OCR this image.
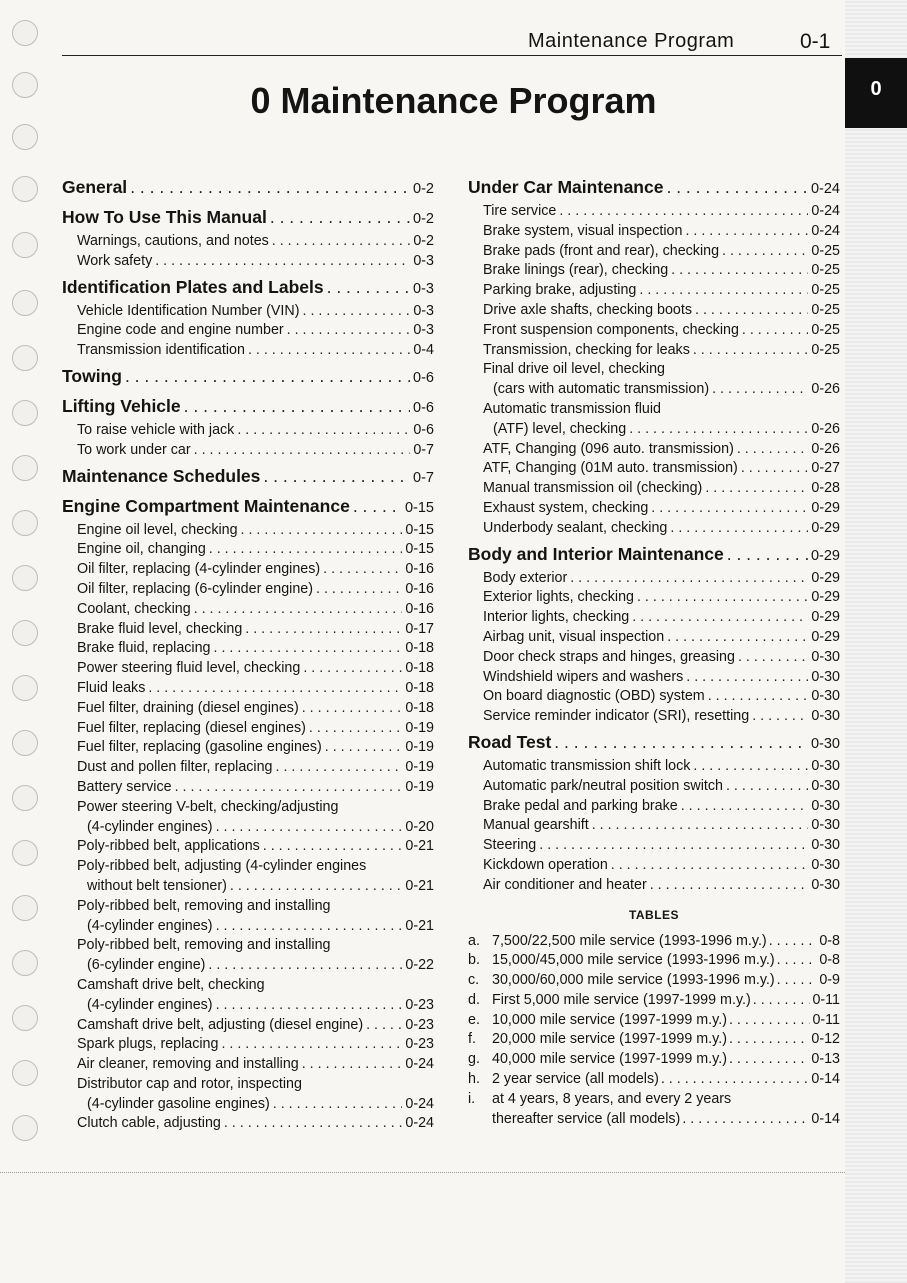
Maintenance Program	0-1
0
0 Maintenance Program
General . . .	0-2
How To Use This Manual . . .	0-2
Warnings, cautions, and notes . . .	0-2
Work safety . . .	0-3
Identification Plates and Labels . . .	0-3
Vehicle Identification Number (VIN) . . .	0-3
Engine code and engine number . . .	0-3
Transmission identification . . .	0-4
Towing . . .	0-6
Lifting Vehicle . . .	0-6
To raise vehicle with jack . . .	0-6
To work under car . . .	0-7
Maintenance Schedules . . .	0-7
Engine Compartment Maintenance . . .	0-15
Engine oil level, checking . . .	0-15
Engine oil, changing . . .	0-15
Oil filter, replacing (4-cylinder engines) . . .	0-16
Oil filter, replacing (6-cylinder engine) . . .	0-16
Coolant, checking . . .	0-16
Brake fluid level, checking . . .	0-17
Brake fluid, replacing . . .	0-18
Power steering fluid level, checking . . .	0-18
Fluid leaks . . .	0-18
Fuel filter, draining (diesel engines) . . .	0-18
Fuel filter, replacing (diesel engines) . . .	0-19
Fuel filter, replacing (gasoline engines) . . .	0-19
Dust and pollen filter, replacing . . .	0-19
Battery service . . .	0-19
Power steering V-belt, checking/adjusting
(4-cylinder engines) . . .	0-20
Poly-ribbed belt, applications . . .	0-21
Poly-ribbed belt, adjusting (4-cylinder engines
without belt tensioner) . . .	0-21
Poly-ribbed belt, removing and installing
(4-cylinder engines) . . .	0-21
Poly-ribbed belt, removing and installing
(6-cylinder engine) . . .	0-22
Camshaft drive belt, checking
(4-cylinder engines) . . .	0-23
Camshaft drive belt, adjusting (diesel engine) . . .	0-23
Spark plugs, replacing . . .	0-23
Air cleaner, removing and installing . . .	0-24
Distributor cap and rotor, inspecting
(4-cylinder gasoline engines) . . .	0-24
Clutch cable, adjusting . . .	0-24
Under Car Maintenance . . .	0-24
Tire service . . .	0-24
Brake system, visual inspection . . .	0-24
Brake pads (front and rear), checking . . .	0-25
Brake linings (rear), checking . . .	0-25
Parking brake, adjusting . . .	0-25
Drive axle shafts, checking boots . . .	0-25
Front suspension components, checking . . .	0-25
Transmission, checking for leaks . . .	0-25
Final drive oil level, checking
(cars with automatic transmission) . . .	0-26
Automatic transmission fluid
(ATF) level, checking . . .	0-26
ATF, Changing (096 auto. transmission) . . .	0-26
ATF, Changing (01M auto. transmission) . . .	0-27
Manual transmission oil (checking) . . .	0-28
Exhaust system, checking . . .	0-29
Underbody sealant, checking . . .	0-29
Body and Interior Maintenance . . .	0-29
Body exterior . . .	0-29
Exterior lights, checking . . .	0-29
Interior lights, checking . . .	0-29
Airbag unit, visual inspection . . .	0-29
Door check straps and hinges, greasing . . .	0-30
Windshield wipers and washers . . .	0-30
On board diagnostic (OBD) system . . .	0-30
Service reminder indicator (SRI), resetting . . .	0-30
Road Test . . .	0-30
Automatic transmission shift lock . . .	0-30
Automatic park/neutral position switch . . .	0-30
Brake pedal and parking brake . . .	0-30
Manual gearshift . . .	0-30
Steering . . .	0-30
Kickdown operation . . .	0-30
Air conditioner and heater . . .	0-30
TABLES
a. 7,500/22,500 mile service (1993-1996 m.y.) . . .	0-8
b. 15,000/45,000 mile service (1993-1996 m.y.) . . .	0-8
c. 30,000/60,000 mile service (1993-1996 m.y.) . . .	0-9
d. First 5,000 mile service (1997-1999 m.y.) . . .	0-11
e. 10,000 mile service (1997-1999 m.y.) . . .	0-11
f.	20,000 mile service (1997-1999 m.y.) . . .	0-12
g. 40,000 mile service (1997-1999 m.y.) . . .	0-13
h. 2 year service (all models) . . .	0-14
i.	at 4 years, 8 years, and every 2 years
thereafter service (all models) . . .	0-14
